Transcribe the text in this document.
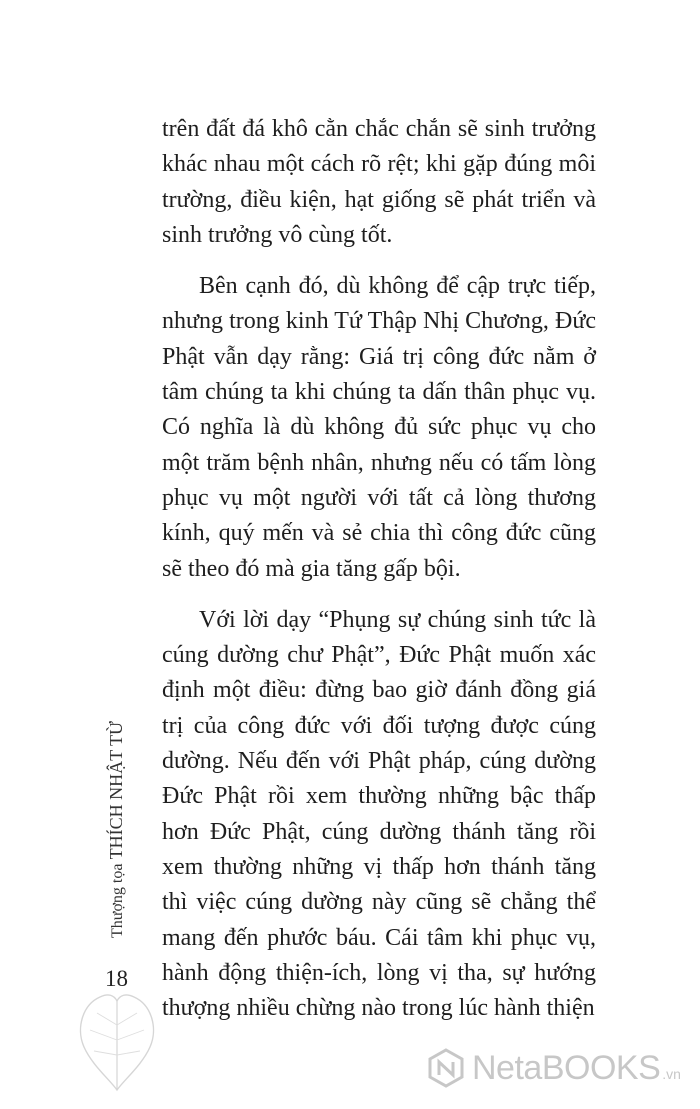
trên đất đá khô cằn chắc chắn sẽ sinh trưởng khác nhau một cách rõ rệt; khi gặp đúng môi trường, điều kiện, hạt giống sẽ phát triển và sinh trưởng vô cùng tốt.

Bên cạnh đó, dù không để cập trực tiếp, nhưng trong kinh Tứ Thập Nhị Chương, Đức Phật vẫn dạy rằng: Giá trị công đức nằm ở tâm chúng ta khi chúng ta dấn thân phục vụ. Có nghĩa là dù không đủ sức phục vụ cho một trăm bệnh nhân, nhưng nếu có tấm lòng phục vụ một người với tất cả lòng thương kính, quý mến và sẻ chia thì công đức cũng sẽ theo đó mà gia tăng gấp bội.

Với lời dạy “Phụng sự chúng sinh tức là cúng dường chư Phật”, Đức Phật muốn xác định một điều: đừng bao giờ đánh đồng giá trị của công đức với đối tượng được cúng dường. Nếu đến với Phật pháp, cúng dường Đức Phật rồi xem thường những bậc thấp hơn Đức Phật, cúng dường thánh tăng rồi xem thường những vị thấp hơn thánh tăng thì việc cúng dường này cũng sẽ chẳng thể mang đến phước báu. Cái tâm khi phục vụ, hành động thiện-ích, lòng vị tha, sự hướng thượng nhiều chừng nào trong lúc hành thiện

Thượng tọa THÍCH NHẬT TỪ
18
NetaBOOKS .vn
